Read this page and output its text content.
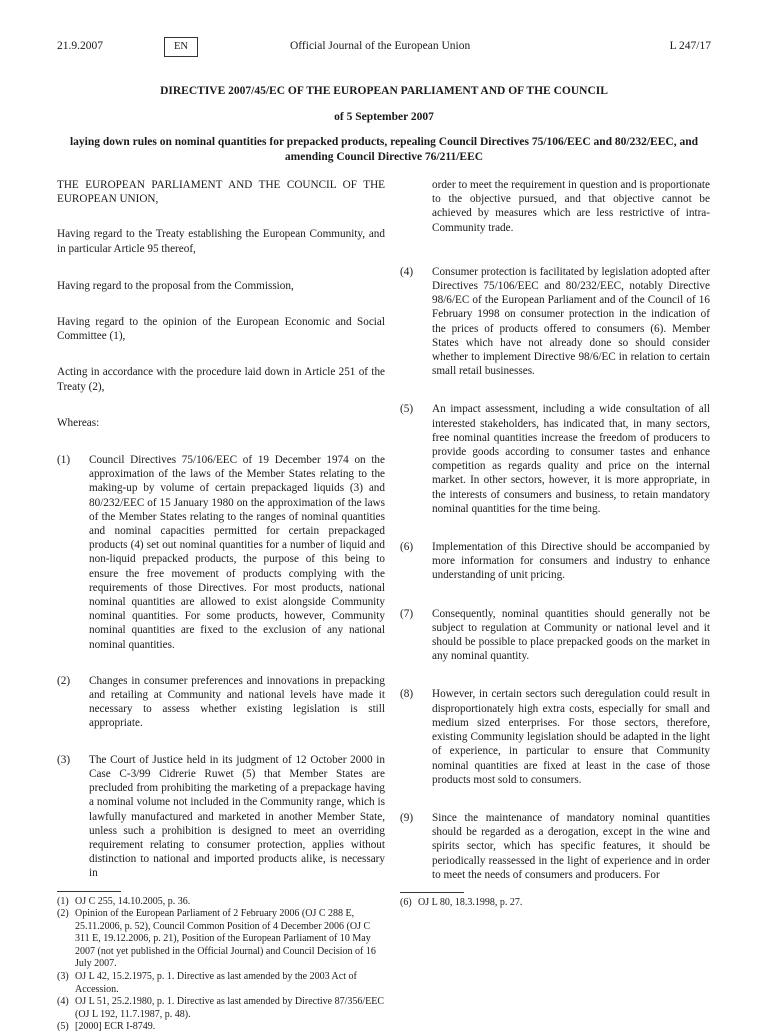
21.9.2007	EN	Official Journal of the European Union	L 247/17
DIRECTIVE 2007/45/EC OF THE EUROPEAN PARLIAMENT AND OF THE COUNCIL
of 5 September 2007
laying down rules on nominal quantities for prepacked products, repealing Council Directives 75/106/EEC and 80/232/EEC, and amending Council Directive 76/211/EEC

THE EUROPEAN PARLIAMENT AND THE COUNCIL OF THE EUROPEAN UNION,

Having regard to the Treaty establishing the European Community, and in particular Article 95 thereof,

Having regard to the proposal from the Commission,

Having regard to the opinion of the European Economic and Social Committee (1),

Acting in accordance with the procedure laid down in Article 251 of the Treaty (2),

Whereas:

(1)	Council Directives 75/106/EEC of 19 December 1974 on the approximation of the laws of the Member States relating to the making-up by volume of certain prepackaged liquids (3) and 80/232/EEC of 15 January 1980 on the approximation of the laws of the Member States relating to the ranges of nominal quantities and nominal capacities permitted for certain prepackaged products (4) set out nominal quantities for a number of liquid and non-liquid prepacked products, the purpose of this being to ensure the free movement of products complying with the requirements of those Directives. For most products, national nominal quantities are allowed to exist alongside Community nominal quantities. For some products, however, Community nominal quantities are fixed to the exclusion of any national nominal quantities.
(2)	Changes in consumer preferences and innovations in prepacking and retailing at Community and national levels have made it necessary to assess whether existing legislation is still appropriate.
(3)	The Court of Justice held in its judgment of 12 October 2000 in Case C-3/99 Cidrerie Ruwet (5) that Member States are precluded from prohibiting the marketing of a prepackage having a nominal volume not included in the Community range, which is lawfully manufactured and marketed in another Member State, unless such a prohibition is designed to meet an overriding requirement relating to consumer protection, applies without distinction to national and imported products alike, is necessary in
(1) OJ C 255, 14.10.2005, p. 36.
(2) Opinion of the European Parliament of 2 February 2006 (OJ C 288 E, 25.11.2006, p. 52), Council Common Position of 4 December 2006 (OJ C 311 E, 19.12.2006, p. 21), Position of the European Parliament of 10 May 2007 (not yet published in the Official Journal) and Council Decision of 16 July 2007.
(3) OJ L 42, 15.2.1975, p. 1. Directive as last amended by the 2003 Act of Accession.
(4) OJ L 51, 25.2.1980, p. 1. Directive as last amended by Directive 87/356/EEC (OJ L 192, 11.7.1987, p. 48).
(5) [2000] ECR I-8749.
order to meet the requirement in question and is proportionate to the objective pursued, and that objective cannot be achieved by measures which are less restrictive of intra-Community trade.
(4)	Consumer protection is facilitated by legislation adopted after Directives 75/106/EEC and 80/232/EEC, notably Directive 98/6/EC of the European Parliament and of the Council of 16 February 1998 on consumer protection in the indication of the prices of products offered to consumers (6). Member States which have not already done so should consider whether to implement Directive 98/6/EC in relation to certain small retail businesses.
(5)	An impact assessment, including a wide consultation of all interested stakeholders, has indicated that, in many sectors, free nominal quantities increase the freedom of producers to provide goods according to consumer tastes and enhance competition as regards quality and price on the internal market. In other sectors, however, it is more appropriate, in the interests of consumers and business, to retain mandatory nominal quantities for the time being.
(6)	Implementation of this Directive should be accompanied by more information for consumers and industry to enhance understanding of unit pricing.
(7)	Consequently, nominal quantities should generally not be subject to regulation at Community or national level and it should be possible to place prepacked goods on the market in any nominal quantity.
(8)	However, in certain sectors such deregulation could result in disproportionately high extra costs, especially for small and medium sized enterprises. For those sectors, therefore, existing Community legislation should be adapted in the light of experience, in particular to ensure that Community nominal quantities are fixed at least in the case of those products most sold to consumers.
(9)	Since the maintenance of mandatory nominal quantities should be regarded as a derogation, except in the wine and spirits sector, which has specific features, it should be periodically reassessed in the light of experience and in order to meet the needs of consumers and producers. For
(6) OJ L 80, 18.3.1998, p. 27.
